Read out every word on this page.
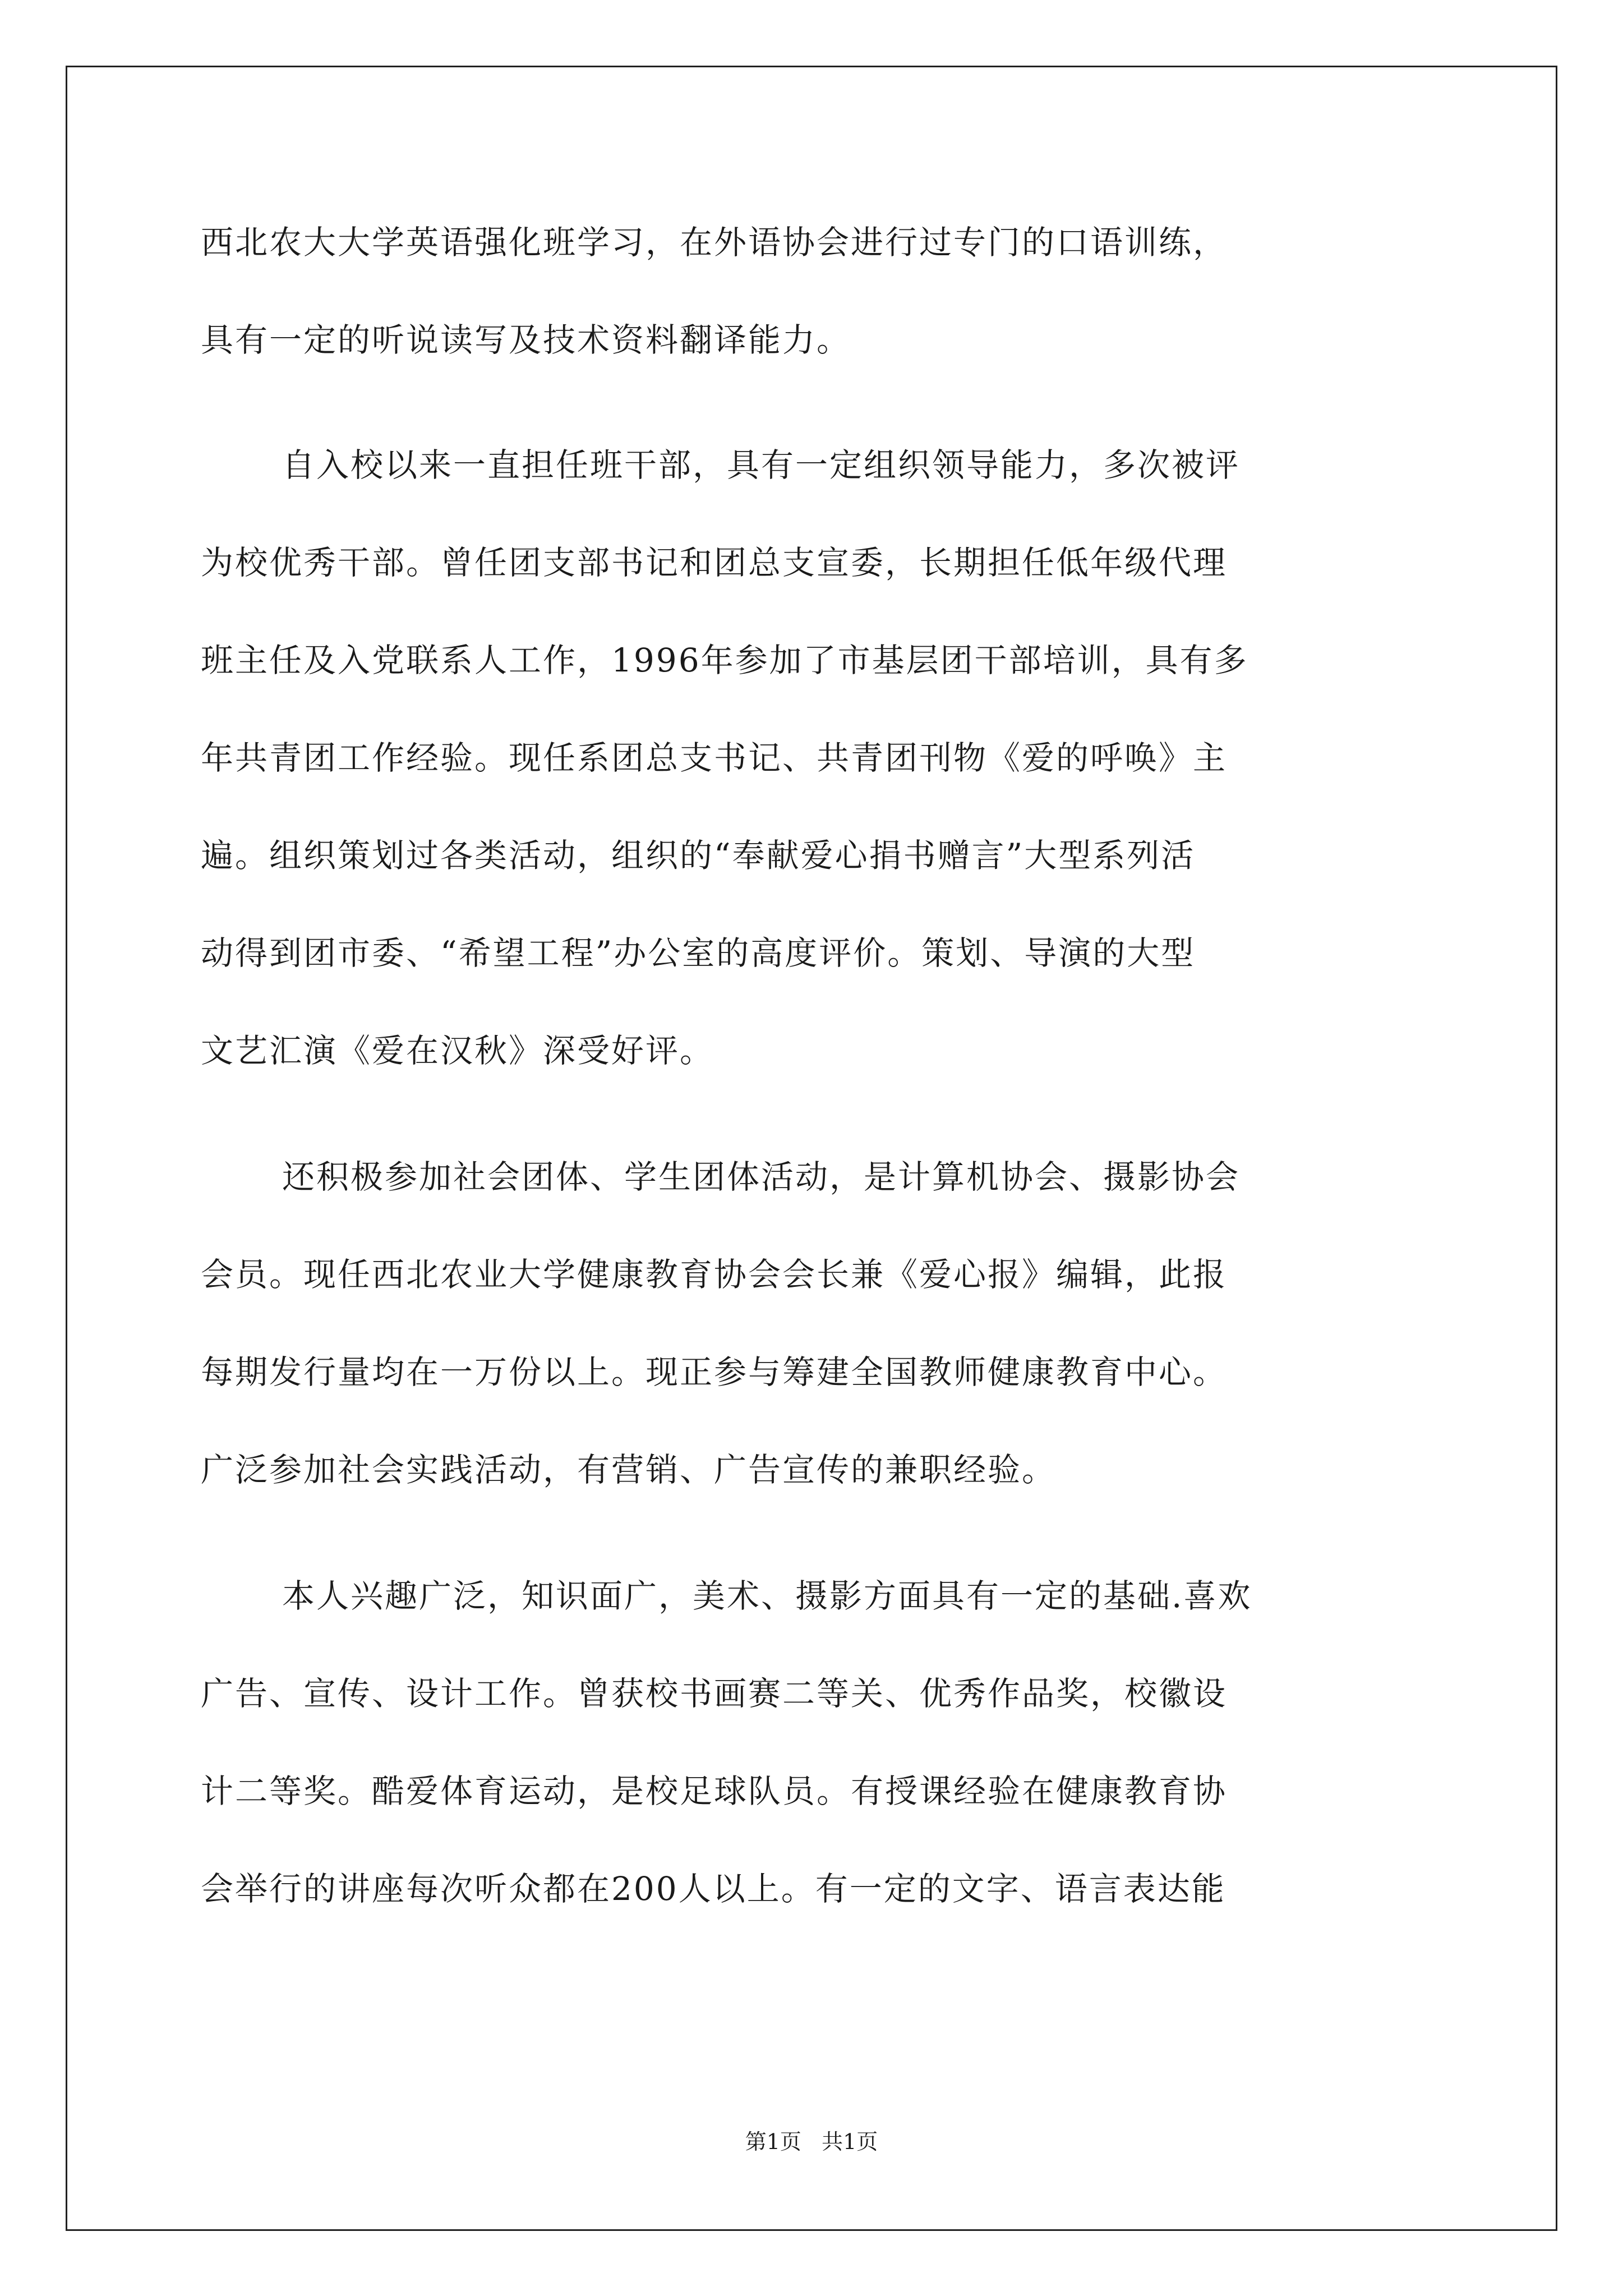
西北农大大学英语强化班学习，在外语协会进行过专门的口语训练，
具有一定的听说读写及技术资料翻译能力。
自入校以来一直担任班干部，具有一定组织领导能力，多次被评
为校优秀干部。曾任团支部书记和团总支宣委，长期担任低年级代理
班主任及入党联系人工作，1996年参加了市基层团干部培训，具有多
年共青团工作经验。现任系团总支书记、共青团刊物《爱的呼唤》主
遍。组织策划过各类活动，组织的“奉献爱心捐书赠言”大型系列活
动得到团市委、“希望工程”办公室的高度评价。策划、导演的大型
文艺汇演《爱在汉秋》深受好评。
还积极参加社会团体、学生团体活动，是计算机协会、摄影协会
会员。现任西北农业大学健康教育协会会长兼《爱心报》编辑，此报
每期发行量均在一万份以上。现正参与筹建全国教师健康教育中心。
广泛参加社会实践活动，有营销、广告宣传的兼职经验。
本人兴趣广泛，知识面广，美术、摄影方面具有一定的基础.喜欢
广告、宣传、设计工作。曾获校书画赛二等关、优秀作品奖，校徽设
计二等奖。酷爱体育运动，是校足球队员。有授课经验在健康教育协
会举行的讲座每次听众都在200人以上。有一定的文字、语言表达能
第1页   共1页
